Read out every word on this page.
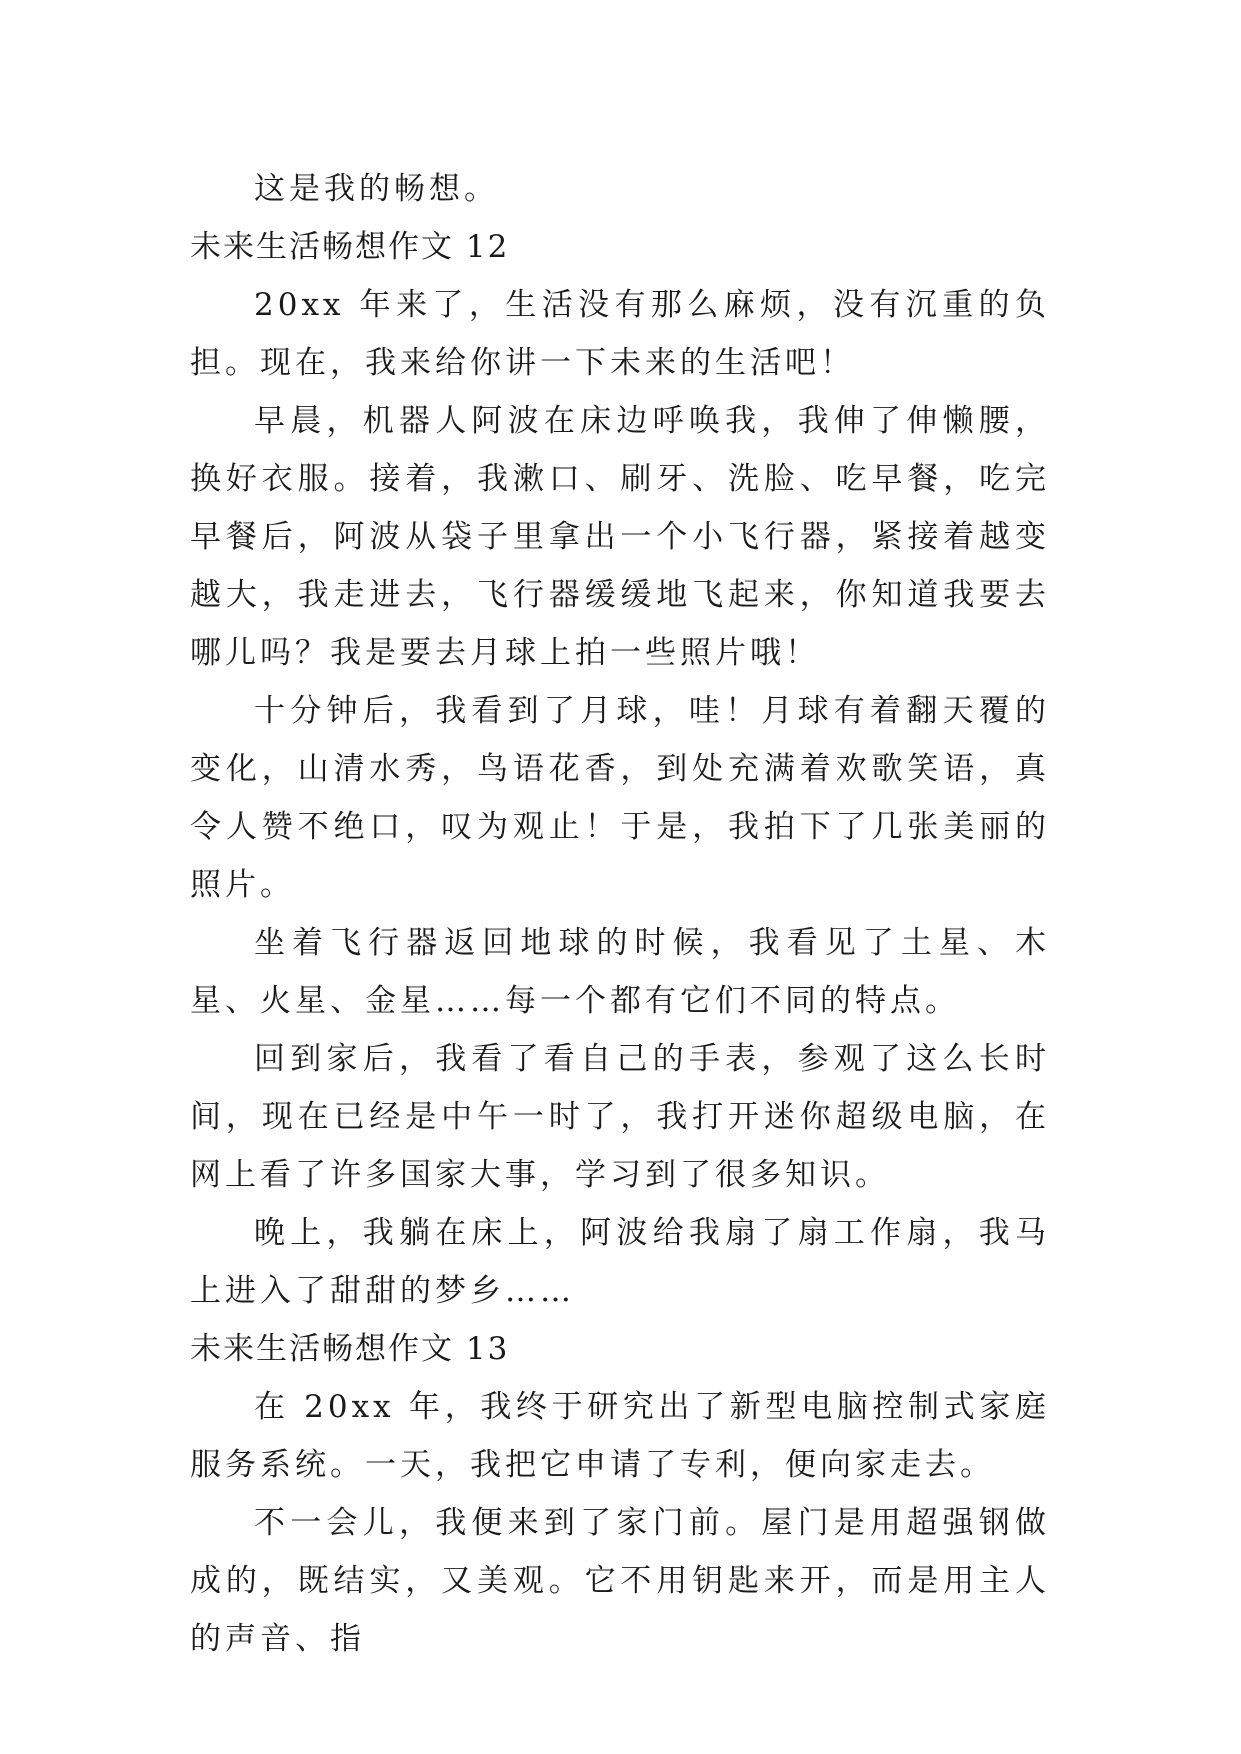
这是我的畅想。

未来生活畅想作文 12

20xx 年来了，生活没有那么麻烦，没有沉重的负担。现在，我来给你讲一下未来的生活吧！

早晨，机器人阿波在床边呼唤我，我伸了伸懒腰，换好衣服。接着，我漱口、刷牙、洗脸、吃早餐，吃完早餐后，阿波从袋子里拿出一个小飞行器，紧接着越变越大，我走进去，飞行器缓缓地飞起来，你知道我要去哪儿吗？我是要去月球上拍一些照片哦！

十分钟后，我看到了月球，哇！月球有着翻天覆的变化，山清水秀，鸟语花香，到处充满着欢歌笑语，真令人赞不绝口，叹为观止！于是，我拍下了几张美丽的照片。

坐着飞行器返回地球的时候，我看见了土星、木星、火星、金星……每一个都有它们不同的特点。

回到家后，我看了看自己的手表，参观了这么长时间，现在已经是中午一时了，我打开迷你超级电脑，在网上看了许多国家大事，学习到了很多知识。

晚上，我躺在床上，阿波给我扇了扇工作扇，我马上进入了甜甜的梦乡……

未来生活畅想作文 13

在 20xx 年，我终于研究出了新型电脑控制式家庭服务系统。一天，我把它申请了专利，便向家走去。

不一会儿，我便来到了家门前。屋门是用超强钢做成的，既结实，又美观。它不用钥匙来开，而是用主人的声音、指
